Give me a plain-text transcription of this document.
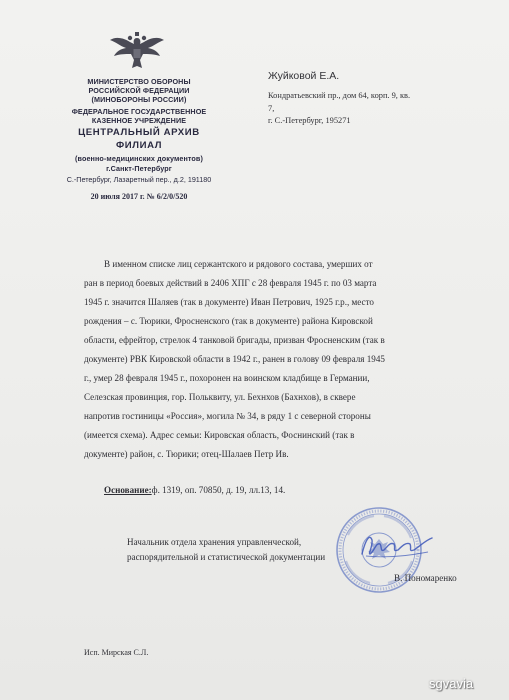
МИНИСТЕРСТВО ОБОРОНЫ
РОССИЙСКОЙ ФЕДЕРАЦИИ
(МИНОБОРОНЫ РОССИИ)
ФЕДЕРАЛЬНОЕ ГОСУДАРСТВЕННОЕ
КАЗЕННОЕ УЧРЕЖДЕНИЕ
ЦЕНТРАЛЬНЫЙ АРХИВ
ФИЛИАЛ
(военно-медицинских документов)
г.Санкт-Петербург
С.-Петербург, Лазаретный пер., д.2, 191180
20 июля 2017 г. № 6/2/0/520
Жуйковой Е.А.
Кондратьевский пр., дом 64, корп. 9, кв.
7,
г. С.-Петербург, 195271
В именном списке лиц сержантского и рядового состава, умерших от
ран в период боевых действий в 2406 ХПГ с 28 февраля 1945 г. по 03 марта
1945 г. значится Шаляев (так в документе) Иван Петрович, 1925 г.р., место
рождения – с. Тюрики, Фросненского (так в документе) района Кировской
области, ефрейтор, стрелок 4 танковой бригады, призван Фросненским (так в
документе) РВК Кировской области в 1942 г., ранен в голову 09 февраля 1945
г., умер 28 февраля 1945 г., похоронен на воинском кладбище в Германии,
Селезская провинция, гор. Польквиту, ул. Бехнхов (Бахнхов), в сквере
напротив гостиницы «Россия», могила № 34, в ряду 1 с северной стороны
(имеется схема). Адрес семьи: Кировская область, Фоснинский (так в
документе) район, с. Тюрики; отец-Шалаев Петр Ив.
Основание:ф. 1319, оп. 70850, д. 19, лл.13, 14.
Начальник отдела хранения управленческой,
распорядительной и статистической документации
В. Пономаренко
Исп. Мирская С.Л.
sgvavia
